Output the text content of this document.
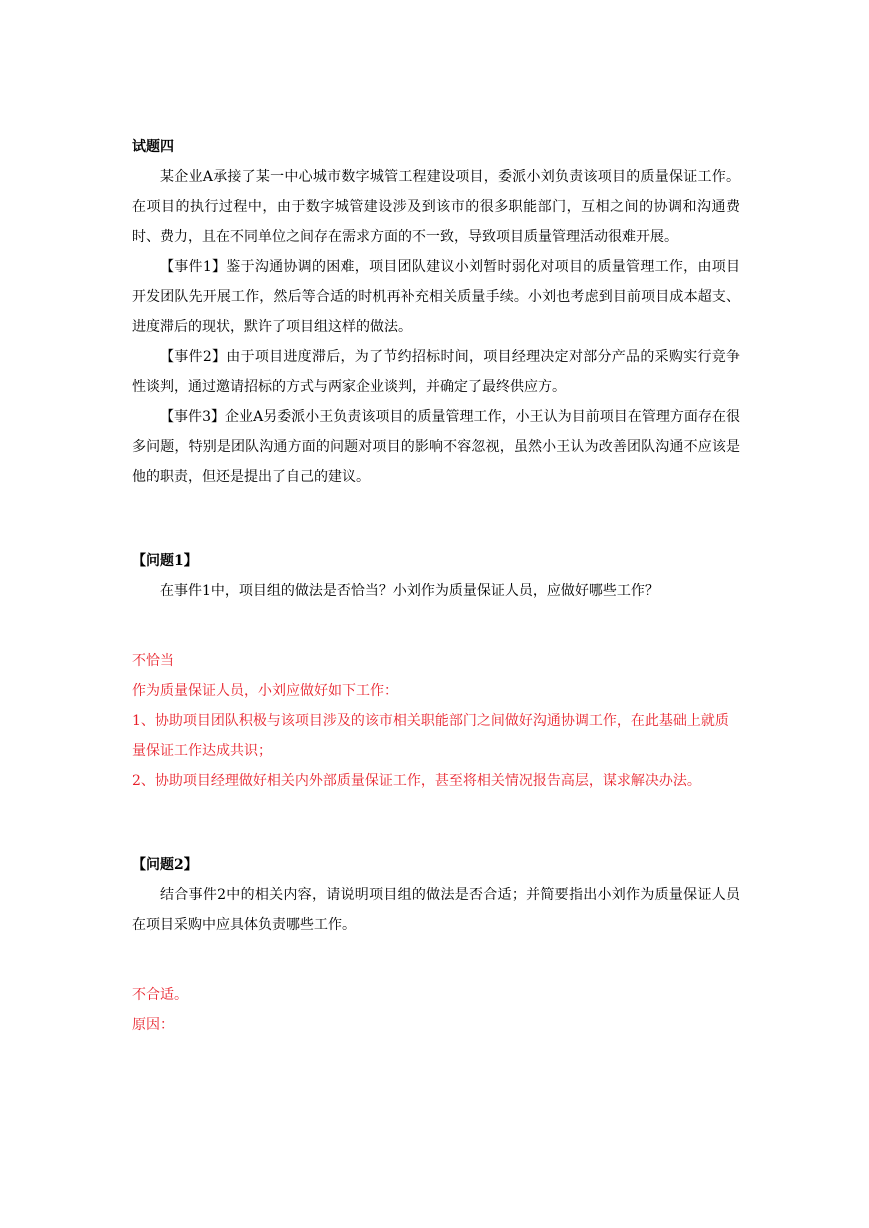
试题四

某企业A承接了某一中心城市数字城管工程建设项目，委派小刘负责该项目的质量保证工作。在项目的执行过程中，由于数字城管建设涉及到该市的很多职能部门，互相之间的协调和沟通费时、费力，且在不同单位之间存在需求方面的不一致，导致项目质量管理活动很难开展。

【事件1】鉴于沟通协调的困难，项目团队建议小刘暂时弱化对项目的质量管理工作，由项目开发团队先开展工作，然后等合适的时机再补充相关质量手续。小刘也考虑到目前项目成本超支、进度滞后的现状，默许了项目组这样的做法。

【事件2】由于项目进度滞后，为了节约招标时间，项目经理决定对部分产品的采购实行竞争性谈判，通过邀请招标的方式与两家企业谈判，并确定了最终供应方。

【事件3】企业A另委派小王负责该项目的质量管理工作，小王认为目前项目在管理方面存在很多问题，特别是团队沟通方面的问题对项目的影响不容忽视，虽然小王认为改善团队沟通不应该是他的职责，但还是提出了自己的建议。

【问题1】

在事件1中，项目组的做法是否恰当？小刘作为质量保证人员，应做好哪些工作？

不恰当

作为质量保证人员，小刘应做好如下工作：

1、协助项目团队积极与该项目涉及的该市相关职能部门之间做好沟通协调工作，在此基础上就质量保证工作达成共识；

2、协助项目经理做好相关内外部质量保证工作，甚至将相关情况报告高层，谋求解决办法。

【问题2】

结合事件2中的相关内容，请说明项目组的做法是否合适；并简要指出小刘作为质量保证人员在项目采购中应具体负责哪些工作。

不合适。

原因：
